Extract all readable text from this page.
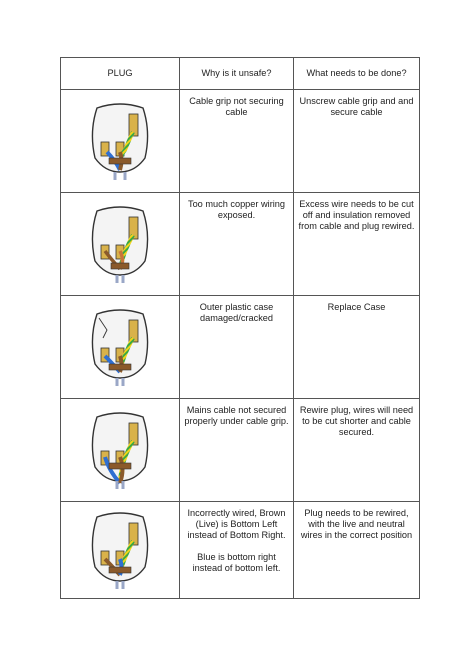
PLUG	Why is it unsafe?	What needs to be done?

	Cable grip not securing cable	Unscrew cable grip and and secure cable

	Too much copper wiring exposed.	Excess wire needs to be cut off and insulation removed from cable and plug rewired.

	Outer plastic case damaged/cracked	Replace Case

	Mains cable not secured properly under cable grip.	Rewire plug, wires will need to be cut shorter and cable secured.

	Incorrectly wired, Brown (Live) is Bottom Left instead of Bottom Right.
Blue is bottom right instead of bottom left.	Plug needs to be rewired, with the live and neutral wires in the correct position
